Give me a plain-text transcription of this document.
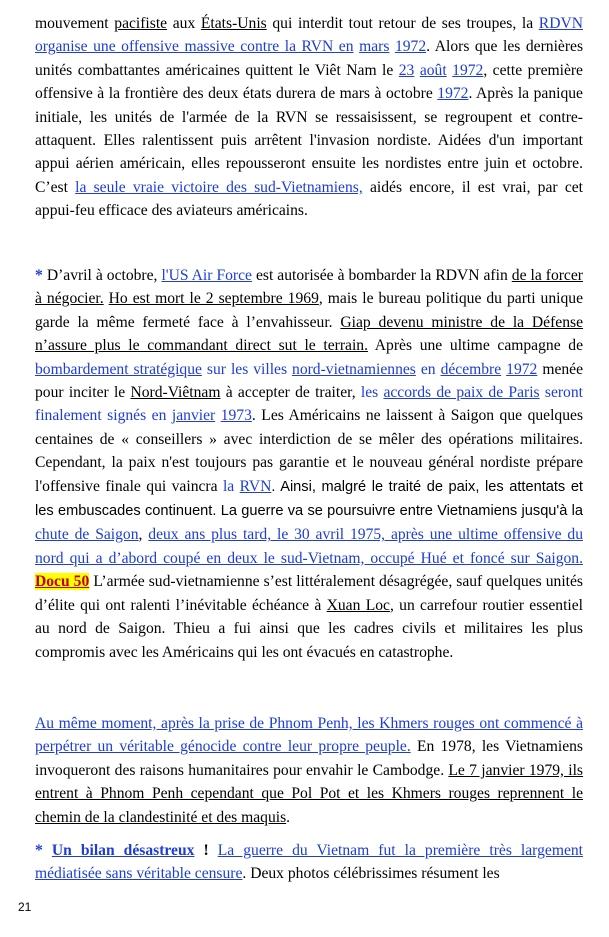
mouvement pacifiste aux États-Unis qui interdit tout retour de ses troupes, la RDVN organise une offensive massive contre la RVN en mars 1972. Alors que les dernières unités combattantes américaines quittent le Viêt Nam le 23 août 1972, cette première offensive à la frontière des deux états durera de mars à octobre 1972. Après la panique initiale, les unités de l'armée de la RVN se ressaisissent, se regroupent et contre-attaquent. Elles ralentissent puis arrêtent l'invasion nordiste. Aidées d'un important appui aérien américain, elles repousseront ensuite les nordistes entre juin et octobre. C’est la seule vraie victoire des sud-Vietnamiens, aidés encore, il est vrai, par cet appui-feu efficace des aviateurs américains.

* D’avril à octobre, l'US Air Force est autorisée à bombarder la RDVN afin de la forcer à négocier. Ho est mort le 2 septembre 1969, mais le bureau politique du parti unique garde la même fermeté face à l’envahisseur. Giap devenu ministre de la Défense n’assure plus le commandant direct sut le terrain. Après une ultime campagne de bombardement stratégique sur les villes nord-vietnamiennes en décembre 1972 menée pour inciter le Nord-Viêtnam à accepter de traiter, les accords de paix de Paris seront finalement signés en janvier 1973. Les Américains ne laissent à Saigon que quelques centaines de « conseillers » avec interdiction de se mêler des opérations militaires. Cependant, la paix n'est toujours pas garantie et le nouveau général nordiste prépare l'offensive finale qui vaincra la RVN. Ainsi, malgré le traité de paix, les attentats et les embuscades continuent. La guerre va se poursuivre entre Vietnamiens jusqu'à la chute de Saigon, deux ans plus tard, le 30 avril 1975, après une ultime offensive du nord qui a d’abord coupé en deux le sud-Vietnam, occupé Hué et foncé sur Saigon. Docu 50 L’armée sud-vietnamienne s’est littéralement désagrégée, sauf quelques unités d’élite qui ont ralenti l’inévitable échéance à Xuan Loc, un carrefour routier essentiel au nord de Saigon. Thieu a fui ainsi que les cadres civils et militaires les plus compromis avec les Américains qui les ont évacués en catastrophe.

Au même moment, après la prise de Phnom Penh, les Khmers rouges ont commencé à perpétrer un véritable génocide contre leur propre peuple. En 1978, les Vietnamiens invoqueront des raisons humanitaires pour envahir le Cambodge. Le 7 janvier 1979, ils entrent à Phnom Penh cependant que Pol Pot et les Khmers rouges reprennent le chemin de la clandestinité et des maquis.

* Un bilan désastreux ! La guerre du Vietnam fut la première très largement médiatisée sans véritable censure. Deux photos célébrissimes résument les

21
